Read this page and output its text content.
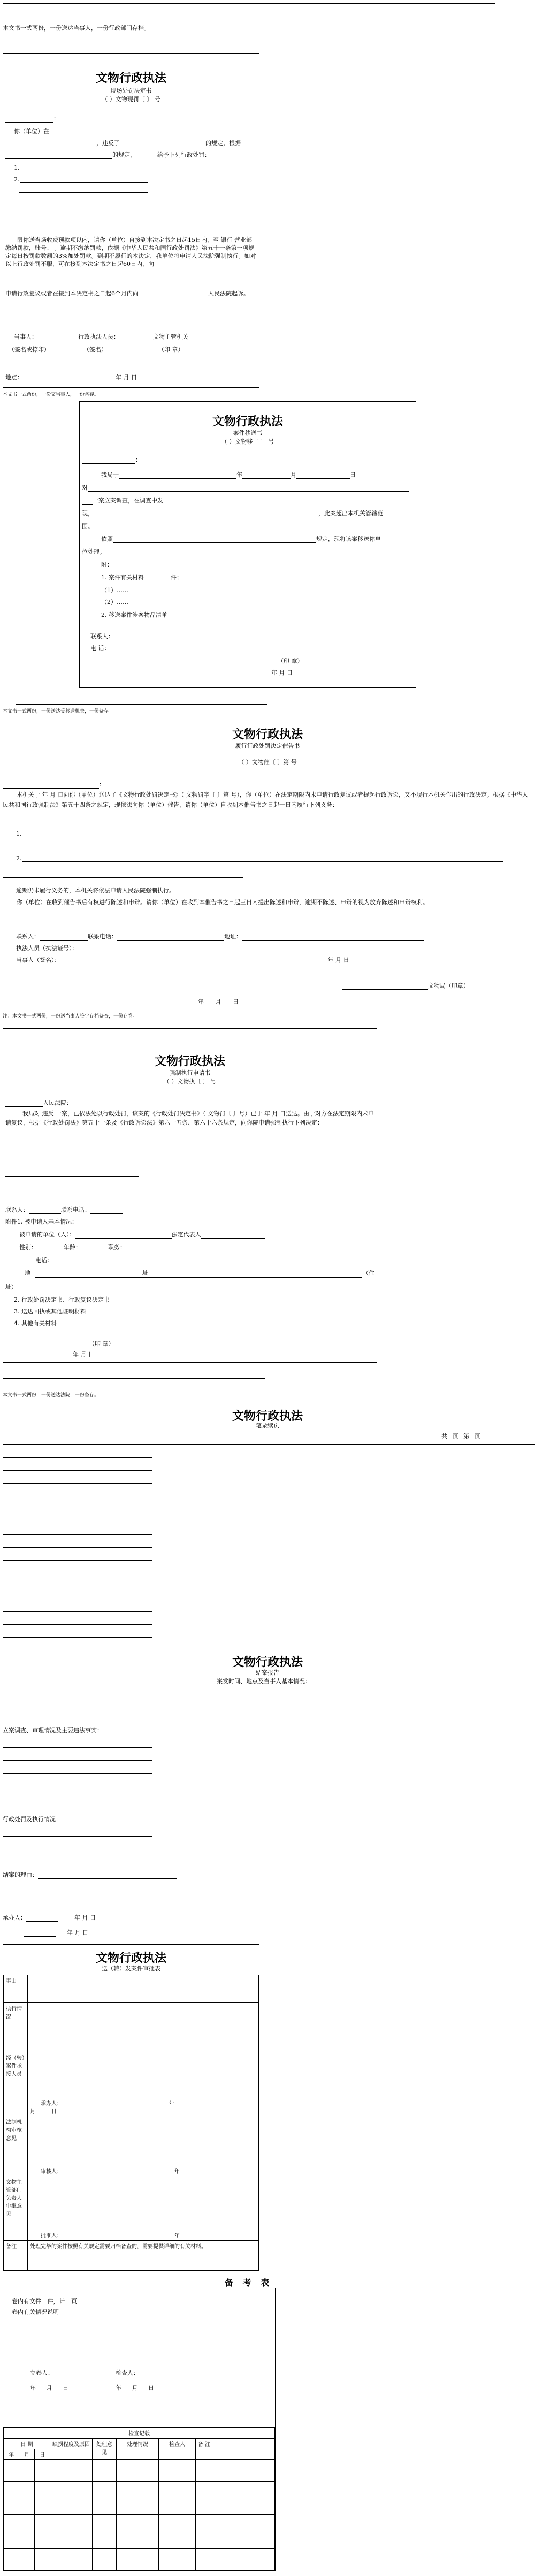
本文书一式两份，一份送达当事人，一份行政部门存档。
文物行政执法
现场处罚决定书
（ ）文物现罚〔 〕 号
：
你（单位）在
，违反了	的规定，根据
的规定，	给予下列行政处罚：
1.
2.
限你送当场收费预款项以内，请你（单位）自接到本决定书之日起15日内，至 银行 营业部缴纳罚款，账号： 。逾期不缴纳罚款，依据《中华人民共和国行政处罚法》第五十一条第一项规定每日按罚款数额的3%加处罚款。到期不履行的本决定，我单位将申请人民法院强制执行。如对以上行政处罚不服，可在接到本决定书之日起60日内，向
申请行政复议或者在接到本决定书之日起6个月内向	人民法院起诉。
当事人：	行政执法人员：	文物主管机关
（签名或捺印）	（签名）	（印 章）
地点：	年 月 日
本文书一式两份，一份交当事人，一份备存。
文物行政执法
案件移送书
（ ）文物移〔 〕 号
：
我局于	年	月	日
对
一案立案调查，在调查中发
现，	，此案超出本机关管辖范
围。
依照	规定，现将该案移送你单
位处理。
附：
1. 案件有关材料	件；
（1）……
（2）……
2. 移送案件涉案物品清单
联系人：
电 话：
（印 章）
年 月 日
本文书一式两份，一份送达受移送机关，一份备存。
文物行政执法
履行行政处罚决定催告书
（ ）文物催〔 〕第 号
：
本机关于 年 月 日向你（单位）送达了《文物行政处罚决定书》（ 文物罚字〔 〕第 号），你（单位）在法定期限内未申请行政复议或者提起行政诉讼，又不履行本机关作出的行政决定。根据《中华人民共和国行政强制法》第五十四条之规定，现依法向你（单位）催告，请你（单位）自收到本催告书之日起十日内履行下列义务：
1.
2.
逾期仍未履行义务的，本机关将依法申请人民法院强制执行。
你（单位）在收到催告书后有权进行陈述和申辩。请你（单位）在收到本催告书之日起三日内提出陈述和申辩，逾期不陈述、申辩的视为放弃陈述和申辩权利。
联系人：	联系电话：	地址：
执法人员（执法证号）：
当事人（签名）：	年 月 日
文物局（印章）
年 月 日
注：本文书一式两份，一份送当事人签字存档备查，一份存卷。
文物行政执法
强制执行申请书
（ ）文物执〔 〕 号
人民法院：
我局对 违反 一案，已依法处以行政处罚，该案的《行政处罚决定书》（ 文物罚〔 〕号）已于 年 月 日送达。由于对方在法定期限内未申请复议，根据《行政处罚法》第五十一条及《行政诉讼法》第六十五条、第六十六条规定，向你院申请强制执行下列决定：
联系人：	联系电话：
附件1. 被申请人基本情况：
被申请的单位（人）：	法定代表人
性别：	年龄：	职务：
电话：
地	址	（住
址）
2. 行政处罚决定书、行政复议决定书
3. 送达回执或其他证明材料
4. 其他有关材料
（印 章）
年 月 日
本文书一式两份，一份送达法院，一份备存。
文物行政执法
笔录续页
共 页 第 页
文物行政执法
结案报告
案发时间、地点及当事人基本情况：
立案调查、审理情况及主要违法事实：
行政处罚及执行情况：
结案的理由：
承办人：	年 月 日
年 月 日
文物行政执法
送（转）发案件审批表
事由	
执行情况	
经（转）案件承接人员	承办人： 年
月 日

法制机构审核意见	审核人： 年

文物主管部门负责人审批意见	批准人： 年

备注	处理完毕的案件按照有关规定需要归档备查的，需要提供详细的有关材料。
备 考 表
卷内有文件 件，计 页
卷内有关情况说明
立卷人：	检查人：
年 月 日	年 月 日
检查记载							
日 期			缺损程度及原因	处理意见	处理情况	检查人	备 注
年	月	日					
